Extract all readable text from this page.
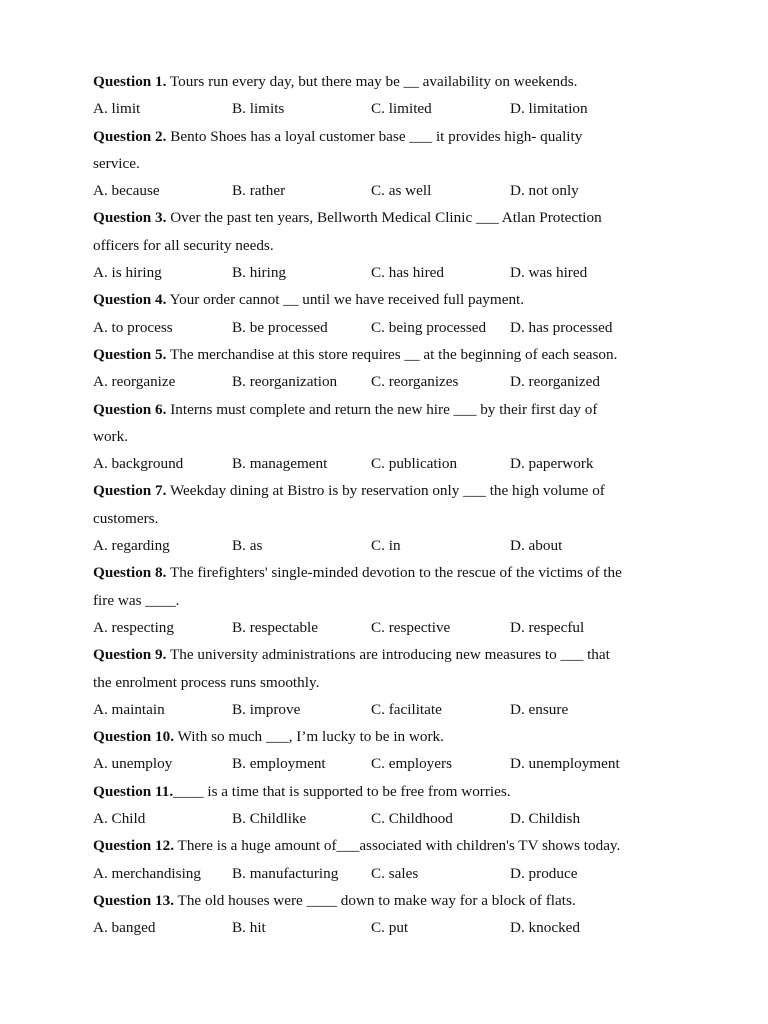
Question 1. Tours run every day, but there may be __ availability on weekends.
A. limit	B. limits	C. limited	D. limitation
Question 2. Bento Shoes has a loyal customer base ___ it provides high- quality
service.
A. because	B. rather	C. as well	D. not only
Question 3. Over the past ten years, Bellworth Medical Clinic ___ Atlan Protection
officers for all security needs.
A. is hiring	B. hiring	C. has hired	D. was hired
Question 4. Your order cannot __ until we have received full payment.
A. to process	B. be processed	C. being processed D. has processed
Question 5. The merchandise at this store requires __ at the beginning of each season.
A. reorganize	B. reorganization C. reorganizes	D. reorganized
Question 6. Interns must complete and return the new hire ___ by their first day of
work.
A. background	B. management	C. publication	D. paperwork
Question 7. Weekday dining at Bistro is by reservation only ___ the high volume of
customers.
A. regarding	B. as	C. in	D. about
Question 8. The firefighters' single-minded devotion to the rescue of the victims of the
fire was ____.
A. respecting	B. respectable	C. respective	D. respecful
Question 9. The university administrations are introducing new measures to ___ that
the enrolment process runs smoothly.
A. maintain	B. improve	C. facilitate	D. ensure
Question 10. With so much ___, I’m lucky to be in work.
A. unemploy	B. employment	C. employers	D. unemployment
Question 11.____ is a time that is supported to be free from worries.
A. Child	B. Childlike	C. Childhood	D. Childish
Question 12. There is a huge amount of___associated with children's TV shows today.
A. merchandising B. manufacturing C. sales	D. produce
Question 13. The old houses were ____ down to make way for a block of flats.
A. banged	B. hit	C. put	D. knocked
